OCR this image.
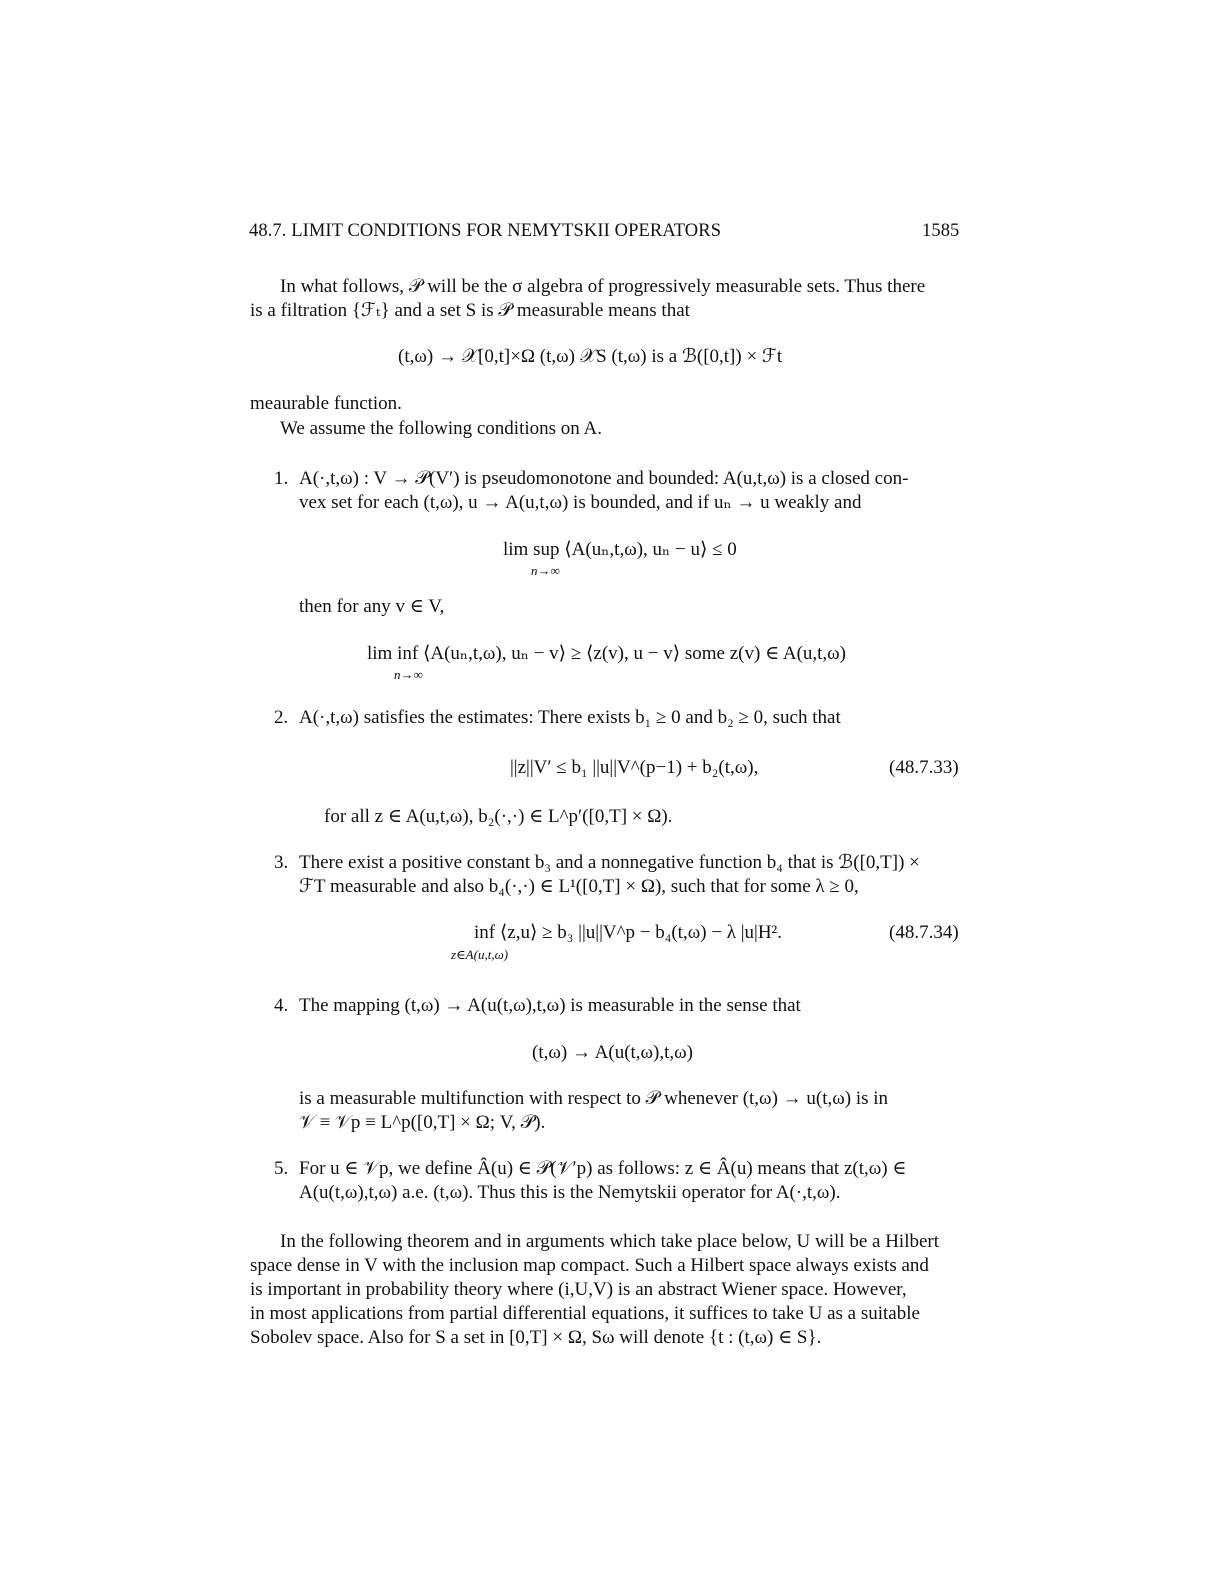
48.7. LIMIT CONDITIONS FOR NEMYTSKII OPERATORS	1585
In what follows, 𝒫 will be the σ algebra of progressively measurable sets. Thus there
is a filtration {ℱₜ} and a set S is 𝒫 measurable means that
(t,ω) → 𝒳[0,t]×Ω (t,ω) 𝒳S (t,ω) is a ℬ([0,t]) × ℱt
meaurable function.
We assume the following conditions on A.
1. A(·,t,ω) : V → 𝒫(V′) is pseudomonotone and bounded: A(u,t,ω) is a closed con-
vex set for each (t,ω), u → A(u,t,ω) is bounded, and if uₙ → u weakly and
lim sup ⟨A(uₙ,t,ω), uₙ − u⟩ ≤ 0
n→∞
then for any v ∈ V,
lim inf ⟨A(uₙ,t,ω), uₙ − v⟩ ≥ ⟨z(v), u − v⟩ some z(v) ∈ A(u,t,ω)
n→∞
2. A(·,t,ω) satisfies the estimates: There exists b₁ ≥ 0 and b₂ ≥ 0, such that
||z||V′ ≤ b₁ ||u||V^(p−1) + b₂(t,ω),	(48.7.33)
for all z ∈ A(u,t,ω), b₂(·,·) ∈ L^p′([0,T] × Ω).
3. There exist a positive constant b₃ and a nonnegative function b₄ that is ℬ([0,T]) ×
ℱT measurable and also b₄(·,·) ∈ L¹([0,T] × Ω), such that for some λ ≥ 0,
inf ⟨z,u⟩ ≥ b₃ ||u||V^p − b₄(t,ω) − λ |u|H².
z∈A(u,t,ω)
(48.7.34)
4. The mapping (t,ω) → A(u(t,ω),t,ω) is measurable in the sense that
(t,ω) → A(u(t,ω),t,ω)
is a measurable multifunction with respect to 𝒫 whenever (t,ω) → u(t,ω) is in
𝒱 ≡ 𝒱p ≡ L^p([0,T] × Ω; V, 𝒫).
5. For u ∈ 𝒱p, we define Â(u) ∈ 𝒫(𝒱′p) as follows: z ∈ Â(u) means that z(t,ω) ∈
A(u(t,ω),t,ω) a.e. (t,ω). Thus this is the Nemytskii operator for A(·,t,ω).
In the following theorem and in arguments which take place below, U will be a Hilbert
space dense in V with the inclusion map compact. Such a Hilbert space always exists and
is important in probability theory where (i,U,V) is an abstract Wiener space. However,
in most applications from partial differential equations, it suffices to take U as a suitable
Sobolev space. Also for S a set in [0,T] × Ω, Sω will denote {t : (t,ω) ∈ S}.
